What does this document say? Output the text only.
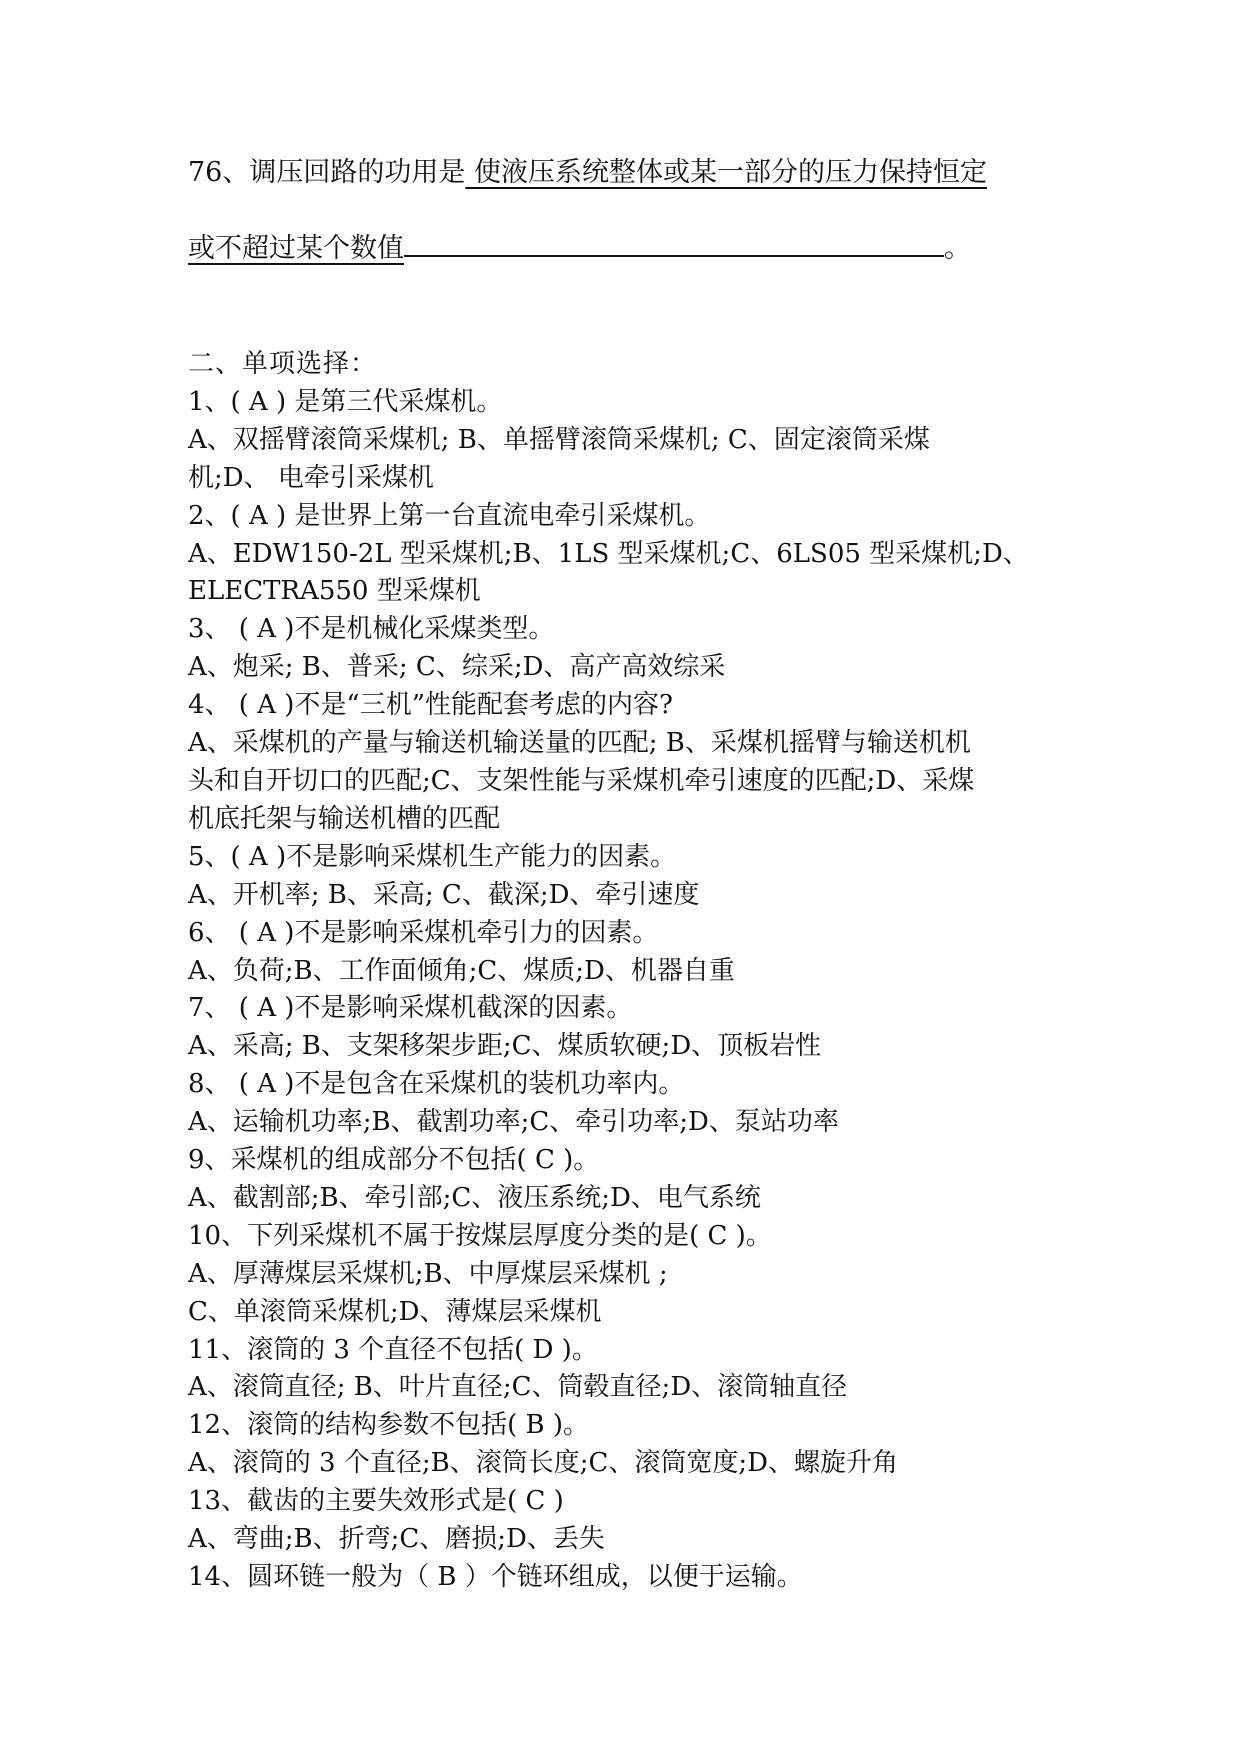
76、调压回路的功用是 使液压系统整体或某一部分的压力保持恒定
或不超过某个数值	。

二、单项选择：

1、( A ) 是第三代采煤机。

A、双摇臂滚筒采煤机; B、单摇臂滚筒采煤机; C、固定滚筒采煤

机;D、 电牵引采煤机

2、( A ) 是世界上第一台直流电牵引采煤机。

A、EDW150-2L 型采煤机;B、1LS 型采煤机;C、6LS05 型采煤机;D、

ELECTRA550 型采煤机

3、 ( A )不是机械化采煤类型。

A、炮采; B、普采; C、综采;D、高产高效综采

4、 ( A )不是“三机”性能配套考虑的内容?

A、采煤机的产量与输送机输送量的匹配; B、采煤机摇臂与输送机机

头和自开切口的匹配;C、支架性能与采煤机牵引速度的匹配;D、采煤

机底托架与输送机槽的匹配

5、( A )不是影响采煤机生产能力的因素。

A、开机率; B、采高; C、截深;D、牵引速度

6、 ( A )不是影响采煤机牵引力的因素。

A、负荷;B、工作面倾角;C、煤质;D、机器自重

7、 ( A )不是影响采煤机截深的因素。

A、采高; B、支架移架步距;C、煤质软硬;D、顶板岩性

8、 ( A )不是包含在采煤机的装机功率内。

A、运输机功率;B、截割功率;C、牵引功率;D、泵站功率

9、采煤机的组成部分不包括( C )。

A、截割部;B、牵引部;C、液压系统;D、电气系统

10、下列采煤机不属于按煤层厚度分类的是( C )。

A、厚薄煤层采煤机;B、中厚煤层采煤机 ;

C、单滚筒采煤机;D、薄煤层采煤机

11、滚筒的 3 个直径不包括( D )。

A、滚筒直径; B、叶片直径;C、筒毂直径;D、滚筒轴直径

12、滚筒的结构参数不包括( B )。

A、滚筒的 3 个直径;B、滚筒长度;C、滚筒宽度;D、螺旋升角

13、截齿的主要失效形式是( C )

A、弯曲;B、折弯;C、磨损;D、丢失

14、圆环链一般为（ B ）个链环组成，以便于运输。
